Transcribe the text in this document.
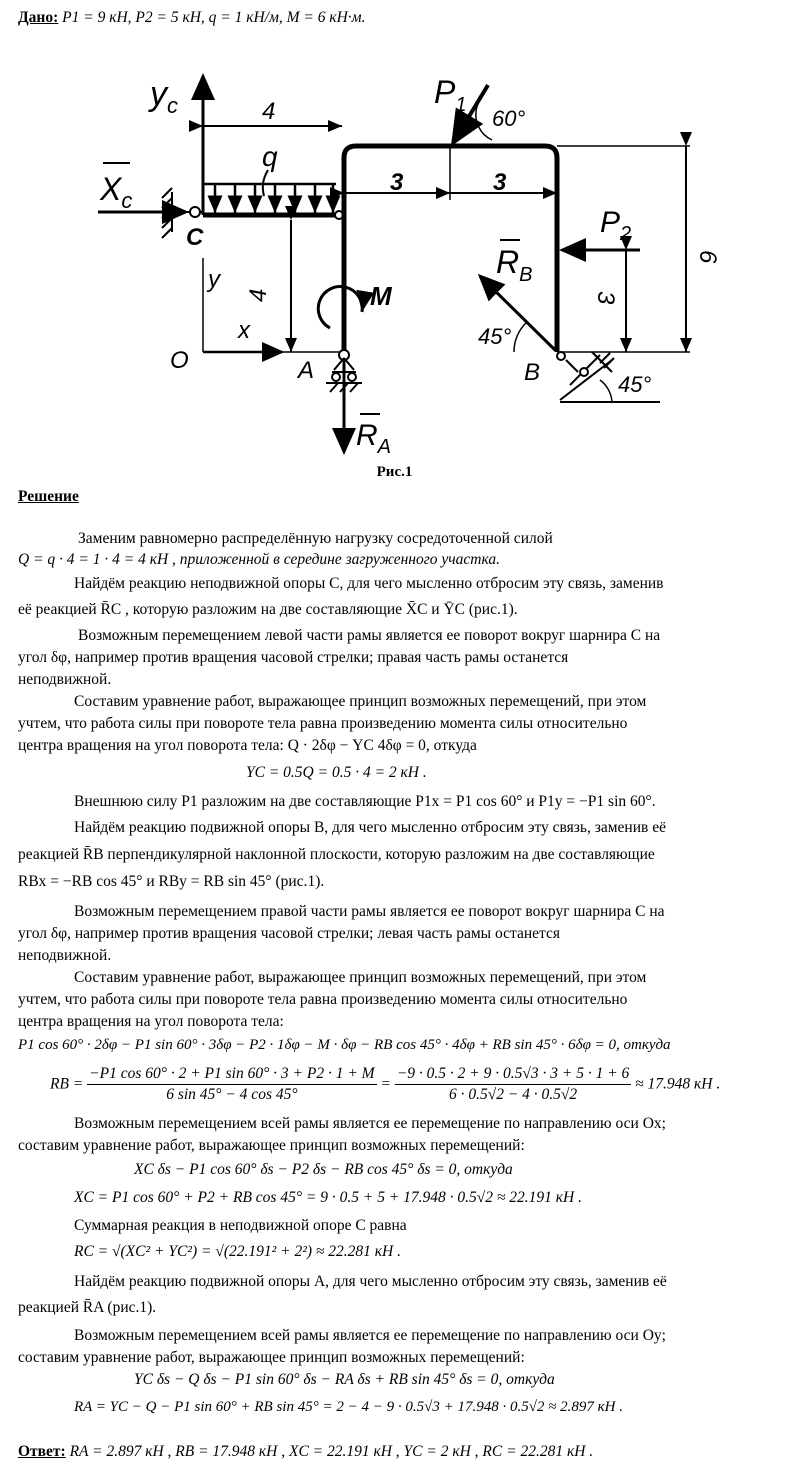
Дано: P1 = 9 кН, P2 = 5 кН, q = 1 кН/м, M = 6 кН·м.
$y_c$
$X_c$
C
4
q
4
y
x
O
M
A
$R_A$
3	3
$P_1$
60°
6
$P_2$
3
$R_B$
45°
B	45°
Рис.1
Решение
Заменим равномерно распределённую нагрузку сосредоточенной силой
Q = q · 4 = 1 · 4 = 4 кН , приложенной в середине загруженного участка.
Найдём реакцию неподвижной опоры C, для чего мысленно отбросим эту связь, заменив
её реакцией R̄C , которую разложим на две составляющие X̄C и ȲC (рис.1).
Возможным перемещением левой части рамы является ее поворот вокруг шарнира C на
угол δφ, например против вращения часовой стрелки; правая часть рамы останется
неподвижной.
Составим уравнение работ, выражающее принцип возможных перемещений, при этом
учтем, что работа силы при повороте тела равна произведению момента силы относительно
центра вращения на угол поворота тела: Q · 2δφ − YC 4δφ = 0, откуда
YC = 0.5Q = 0.5 · 4 = 2 кН .
Внешнюю силу P1 разложим на две составляющие P1x = P1 cos 60° и P1y = −P1 sin 60°.
Найдём реакцию подвижной опоры B, для чего мысленно отбросим эту связь, заменив её
реакцией R̄B перпендикулярной наклонной плоскости, которую разложим на две составляющие
RBx = −RB cos 45° и RBy = RB sin 45° (рис.1).
Возможным перемещением правой части рамы является ее поворот вокруг шарнира C на
угол δφ, например против вращения часовой стрелки; левая часть рамы останется
неподвижной.
Составим уравнение работ, выражающее принцип возможных перемещений, при этом
учтем, что работа силы при повороте тела равна произведению момента силы относительно
центра вращения на угол поворота тела:
P1 cos 60° · 2δφ − P1 sin 60° · 3δφ − P2 · 1δφ − M · δφ − RB cos 45° · 4δφ + RB sin 45° · 6δφ = 0, откуда
RB = $\frac{-P1 \cos 60^\circ \cdot 2 + P1 \sin 60^\circ \cdot 3 + P2 \cdot 1 + M}{6 \sin 45^\circ - 4 \cos 45^\circ} = \frac{-9 \cdot 0.5 \cdot 2 + 9 \cdot 0.5√3 \cdot 3 + 5 \cdot 1 + 6}{6 \cdot 0.5√2 - 4 \cdot 0.5√2} \approx 17.948$ кН .
Возможным перемещением всей рамы является ее перемещение по направлению оси Ox;
составим уравнение работ, выражающее принцип возможных перемещений:
XC δs − P1 cos 60° δs − P2 δs − RB cos 45° δs = 0, откуда
XC = P1 cos 60° + P2 + RB cos 45° = 9 · 0.5 + 5 + 17.948 · 0.5√2 ≈ 22.191 кН .
Суммарная реакция в неподвижной опоре C равна
RC = √(XC² + YC²) = √(22.191² + 2²) ≈ 22.281 кН .
Найдём реакцию подвижной опоры A, для чего мысленно отбросим эту связь, заменив её
реакцией R̄A (рис.1).
Возможным перемещением всей рамы является ее перемещение по направлению оси Oy;
составим уравнение работ, выражающее принцип возможных перемещений:
YC δs − Q δs − P1 sin 60° δs − RA δs + RB sin 45° δs = 0, откуда
RA = YC − Q − P1 sin 60° + RB sin 45° = 2 − 4 − 9 · 0.5√3 + 17.948 · 0.5√2 ≈ 2.897 кН .
Ответ: RA = 2.897 кН , RB = 17.948 кН , XC = 22.191 кН , YC = 2 кН , RC = 22.281 кН .
